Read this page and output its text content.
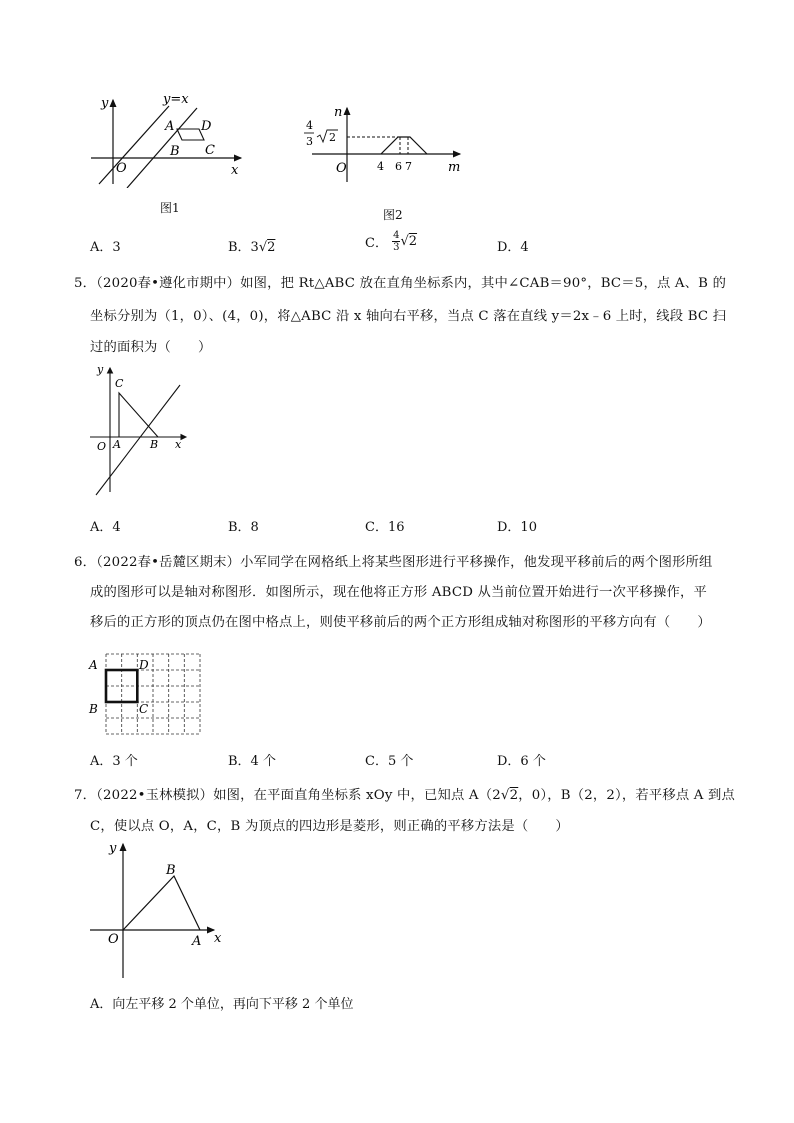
y
x
O
y=x
A D
B C
图1
n
m
O
4
3 2
4 6 7
图2
A．3	B．3√2	C． $\frac{4}{3} √2$	D．4
5．（2020春•遵化市期中）如图，把 Rt△ABC 放在直角坐标系内，其中∠CAB＝90°，BC＝5，点 A、B 的
坐标分别为（1，0）、(4，0)，将△ABC 沿 x 轴向右平移，当点 C 落在直线 y＝2x﹣6 上时，线段 BC 扫
过的面积为（　　）
y
x
O A	B
C
A．4	B．8	C．16	D．10
6．（2022春•岳麓区期末）小军同学在网格纸上将某些图形进行平移操作，他发现平移前后的两个图形所组
成的图形可以是轴对称图形．如图所示，现在他将正方形 ABCD 从当前位置开始进行一次平移操作，平
移后的正方形的顶点仍在图中格点上，则使平移前后的两个正方形组成轴对称图形的平移方向有（　　）
A
B	C
D
A．3 个	B．4 个	C．5 个	D．6 个
7．（2022•玉林模拟）如图，在平面直角坐标系 xOy 中，已知点 A（2√2，0），B（2，2），若平移点 A 到点
C，使以点 O，A，C，B 为顶点的四边形是菱形，则正确的平移方法是（　　）
y
x
O
B
A
A．向左平移 2 个单位，再向下平移 2 个单位
